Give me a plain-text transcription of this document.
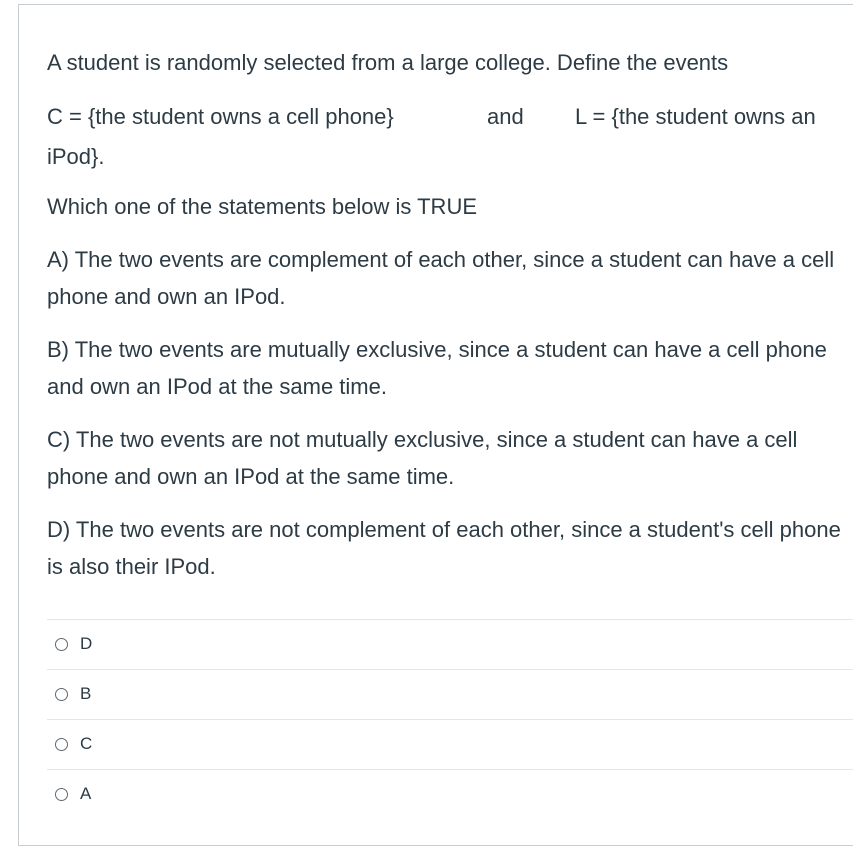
A student is randomly selected from a large college. Define the events
C = {the student owns a cell phone}	and L = {the student owns an
iPod}.
Which one of the statements below is TRUE
A) The two events are complement of each other, since a student can have a cell phone and own an IPod.
B) The two events are mutually exclusive, since a student can have a cell phone and own an IPod at the same time.
C) The two events are not mutually exclusive, since a student can have a cell phone and own an IPod at the same time.
D) The two events are not complement of each other, since a student's cell phone is also their IPod.
D
B
C
A
